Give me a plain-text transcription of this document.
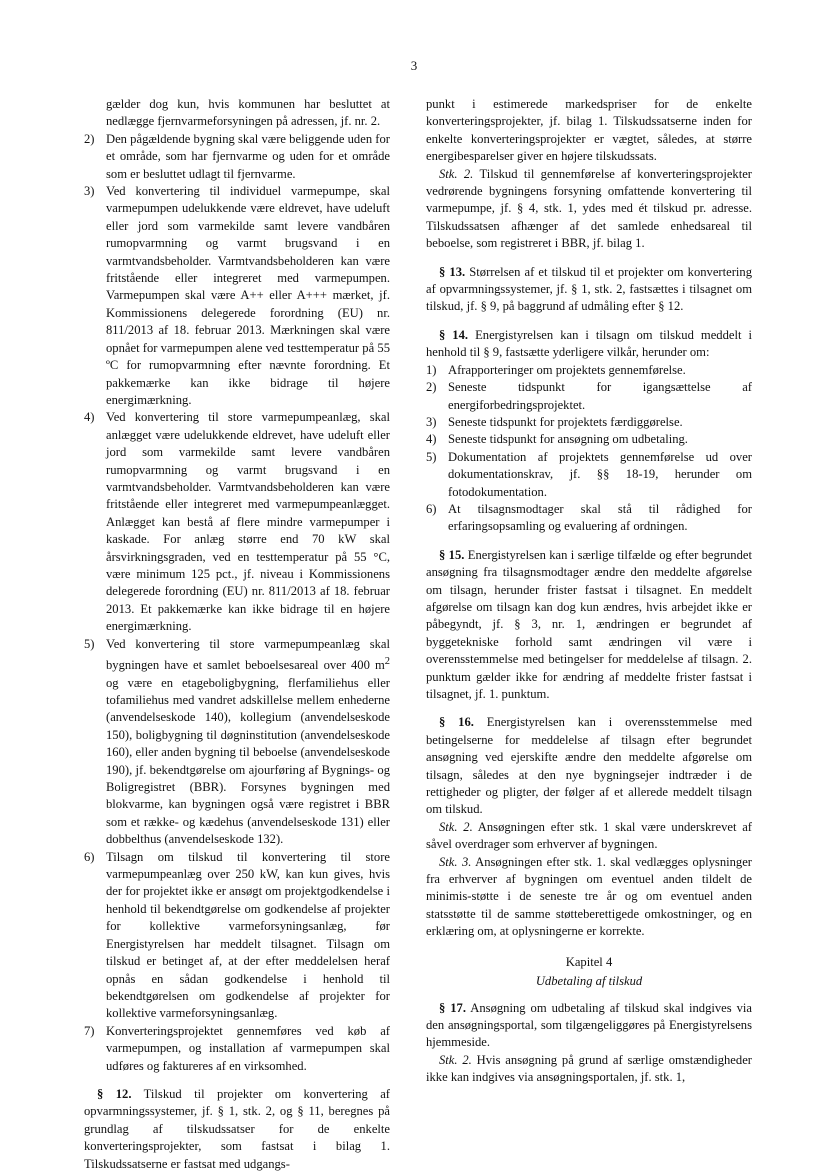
3

gælder dog kun, hvis kommunen har besluttet at nedlægge fjernvarmeforsyningen på adressen, jf. nr. 2.

2) Den pågældende bygning skal være beliggende uden for et område, som har fjernvarme og uden for et område som er besluttet udlagt til fjernvarme.
3) Ved konvertering til individuel varmepumpe, skal varmepumpen udelukkende være eldrevet, have udeluft eller jord som varmekilde samt levere vandbåren rumopvarmning og varmt brugsvand i en varmtvandsbeholder. Varmtvandsbeholderen kan være fritstående eller integreret med varmepumpen. Varmepumpen skal være A++ eller A+++ mærket, jf. Kommissionens delegerede forordning (EU) nr. 811/2013 af 18. februar 2013. Mærkningen skal være opnået for varmepumpen alene ved testtemperatur på 55 ºC for rumopvarmning efter nævnte forordning. Et pakkemærke kan ikke bidrage til højere energimærkning.
4) Ved konvertering til store varmepumpeanlæg, skal anlægget være udelukkende eldrevet, have udeluft eller jord som varmekilde samt levere vandbåren rumopvarmning og varmt brugsvand i en varmtvandsbeholder. Varmtvandsbeholderen kan være fritstående eller integreret med varmepumpeanlægget. Anlægget kan bestå af flere mindre varmepumper i kaskade. For anlæg større end 70 kW skal årsvirkningsgraden, ved en testtemperatur på 55 °C, være minimum 125 pct., jf. niveau i Kommissionens delegerede forordning (EU) nr. 811/2013 af 18. februar 2013. Et pakkemærke kan ikke bidrage til en højere energimærkning.
5) Ved konvertering til store varmepumpeanlæg skal bygningen have et samlet beboelsesareal over 400 $m^2$ og være en etageboligbygning, flerfamiliehus eller tofamiliehus med vandret adskillelse mellem enhederne (anvendelseskode 140), kollegium (anvendelseskode 150), boligbygning til døgninstitution (anvendelseskode 160), eller anden bygning til beboelse (anvendelseskode 190), jf. bekendtgørelse om ajourføring af Bygnings- og Boligregistret (BBR). Forsynes bygningen med blokvarme, kan bygningen også være registret i BBR som et række- og kædehus (anvendelseskode 131) eller dobbelthus (anvendelseskode 132).
6) Tilsagn om tilskud til konvertering til store varmepumpeanlæg over 250 kW, kan kun gives, hvis der for projektet ikke er ansøgt om projektgodkendelse i henhold til bekendtgørelse om godkendelse af projekter for kollektive varmeforsyningsanlæg, før Energistyrelsen har meddelt tilsagnet. Tilsagn om tilskud er betinget af, at der efter meddelelsen heraf opnås en sådan godkendelse i henhold til bekendtgørelsen om godkendelse af projekter for kollektive varmeforsyningsanlæg.
7) Konverteringsprojektet gennemføres ved køb af varmepumpen, og installation af varmepumpen skal udføres og faktureres af en virksomhed.

§ 12. Tilskud til projekter om konvertering af opvarmningssystemer, jf. § 1, stk. 2, og § 11, beregnes på grundlag af tilskudssatser for de enkelte konverteringsprojekter, som fastsat i bilag 1. Tilskudssatserne er fastsat med udgangs-

punkt i estimerede markedspriser for de enkelte konverteringsprojekter, jf. bilag 1. Tilskudssatserne inden for enkelte konverteringsprojekter er vægtet, således, at større energibesparelser giver en højere tilskudssats.

Stk. 2. Tilskud til gennemførelse af konverteringsprojekter vedrørende bygningens forsyning omfattende konvertering til varmepumpe, jf. § 4, stk. 1, ydes med ét tilskud pr. adresse. Tilskudssatsen afhænger af det samlede enhedsareal til beboelse, som registreret i BBR, jf. bilag 1.

§ 13. Størrelsen af et tilskud til et projekter om konvertering af opvarmningssystemer, jf. § 1, stk. 2, fastsættes i tilsagnet om tilskud, jf. § 9, på baggrund af udmåling efter § 12.

§ 14. Energistyrelsen kan i tilsagn om tilskud meddelt i henhold til § 9, fastsætte yderligere vilkår, herunder om:

1) Afrapporteringer om projektets gennemførelse.
2) Seneste tidspunkt for igangsættelse af energiforbedringsprojektet.
3) Seneste tidspunkt for projektets færdiggørelse.
4) Seneste tidspunkt for ansøgning om udbetaling.
5) Dokumentation af projektets gennemførelse ud over dokumentationskrav, jf. §§ 18-19, herunder om fotodokumentation.
6) At tilsagnsmodtager skal stå til rådighed for erfaringsopsamling og evaluering af ordningen.

§ 15. Energistyrelsen kan i særlige tilfælde og efter begrundet ansøgning fra tilsagnsmodtager ændre den meddelte afgørelse om tilsagn, herunder frister fastsat i tilsagnet. En meddelt afgørelse om tilsagn kan dog kun ændres, hvis arbejdet ikke er påbegyndt, jf. § 3, nr. 1, ændringen er begrundet af byggetekniske forhold samt ændringen vil være i overensstemmelse med betingelser for meddelelse af tilsagn. 2. punktum gælder ikke for ændring af meddelte frister fastsat i tilsagnet, jf. 1. punktum.

§ 16. Energistyrelsen kan i overensstemmelse med betingelserne for meddelelse af tilsagn efter begrundet ansøgning ved ejerskifte ændre den meddelte afgørelse om tilsagn, således at den nye bygningsejer indtræder i de rettigheder og pligter, der følger af et allerede meddelt tilsagn om tilskud.

Stk. 2. Ansøgningen efter stk. 1 skal være underskrevet af såvel overdrager som erhverver af bygningen.

Stk. 3. Ansøgningen efter stk. 1. skal vedlægges oplysninger fra erhverver af bygningen om eventuel anden tildelt de minimis-støtte i de seneste tre år og om eventuel anden statsstøtte til de samme støtteberettigede omkostninger, og en erklæring om, at oplysningerne er korrekte.

Kapitel 4

Udbetaling af tilskud

§ 17. Ansøgning om udbetaling af tilskud skal indgives via den ansøgningsportal, som tilgængeliggøres på Energistyrelsens hjemmeside.

Stk. 2. Hvis ansøgning på grund af særlige omstændigheder ikke kan indgives via ansøgningsportalen, jf. stk. 1,
